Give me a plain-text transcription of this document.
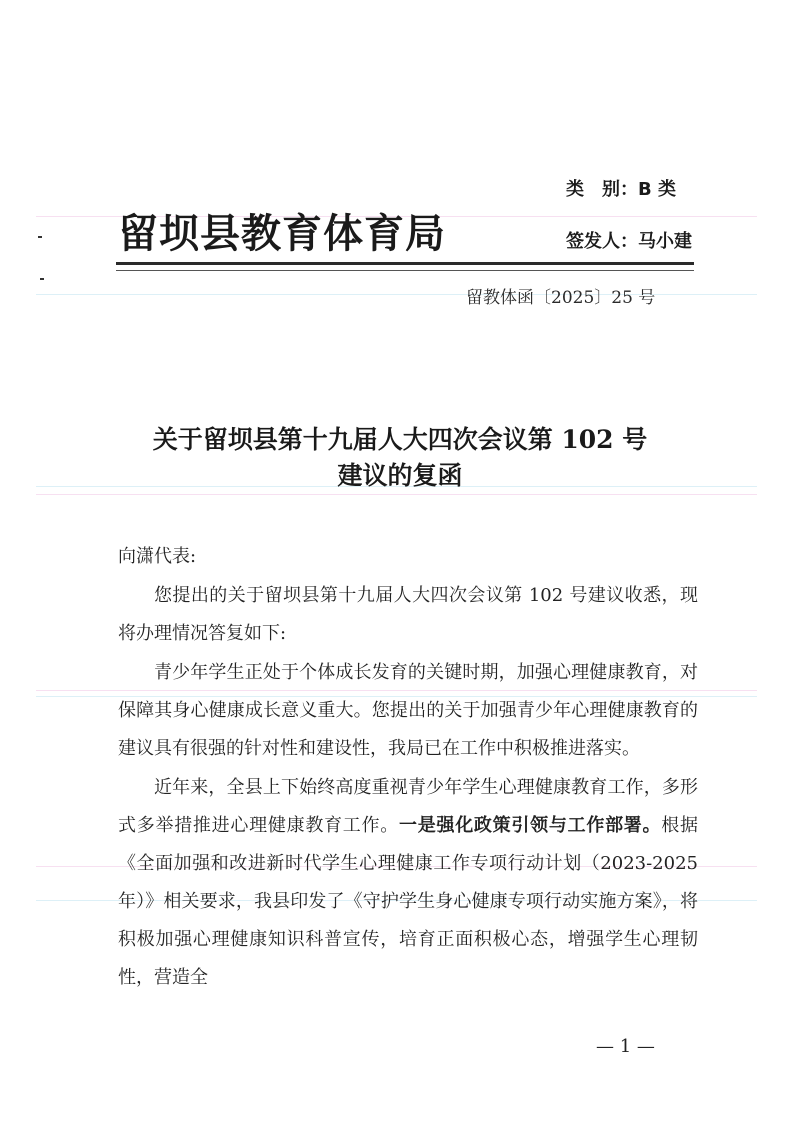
留坝县教育体育局
类　别：B 类
签发人：马小建
留教体函〔2025〕25 号
关于留坝县第十九届人大四次会议第 102 号
建议的复函

向潇代表:

您提出的关于留坝县第十九届人大四次会议第 102 号建议收悉，现将办理情况答复如下:

青少年学生正处于个体成长发育的关键时期，加强心理健康教育，对保障其身心健康成长意义重大。您提出的关于加强青少年心理健康教育的建议具有很强的针对性和建设性，我局已在工作中积极推进落实。

近年来，全县上下始终高度重视青少年学生心理健康教育工作，多形式多举措推进心理健康教育工作。一是强化政策引领与工作部署。根据《全面加强和改进新时代学生心理健康工作专项行动计划（2023-2025 年）》相关要求，我县印发了《守护学生身心健康专项行动实施方案》，将积极加强心理健康知识科普宣传，培育正面积极心态，增强学生心理韧性，营造全

— 1 —
